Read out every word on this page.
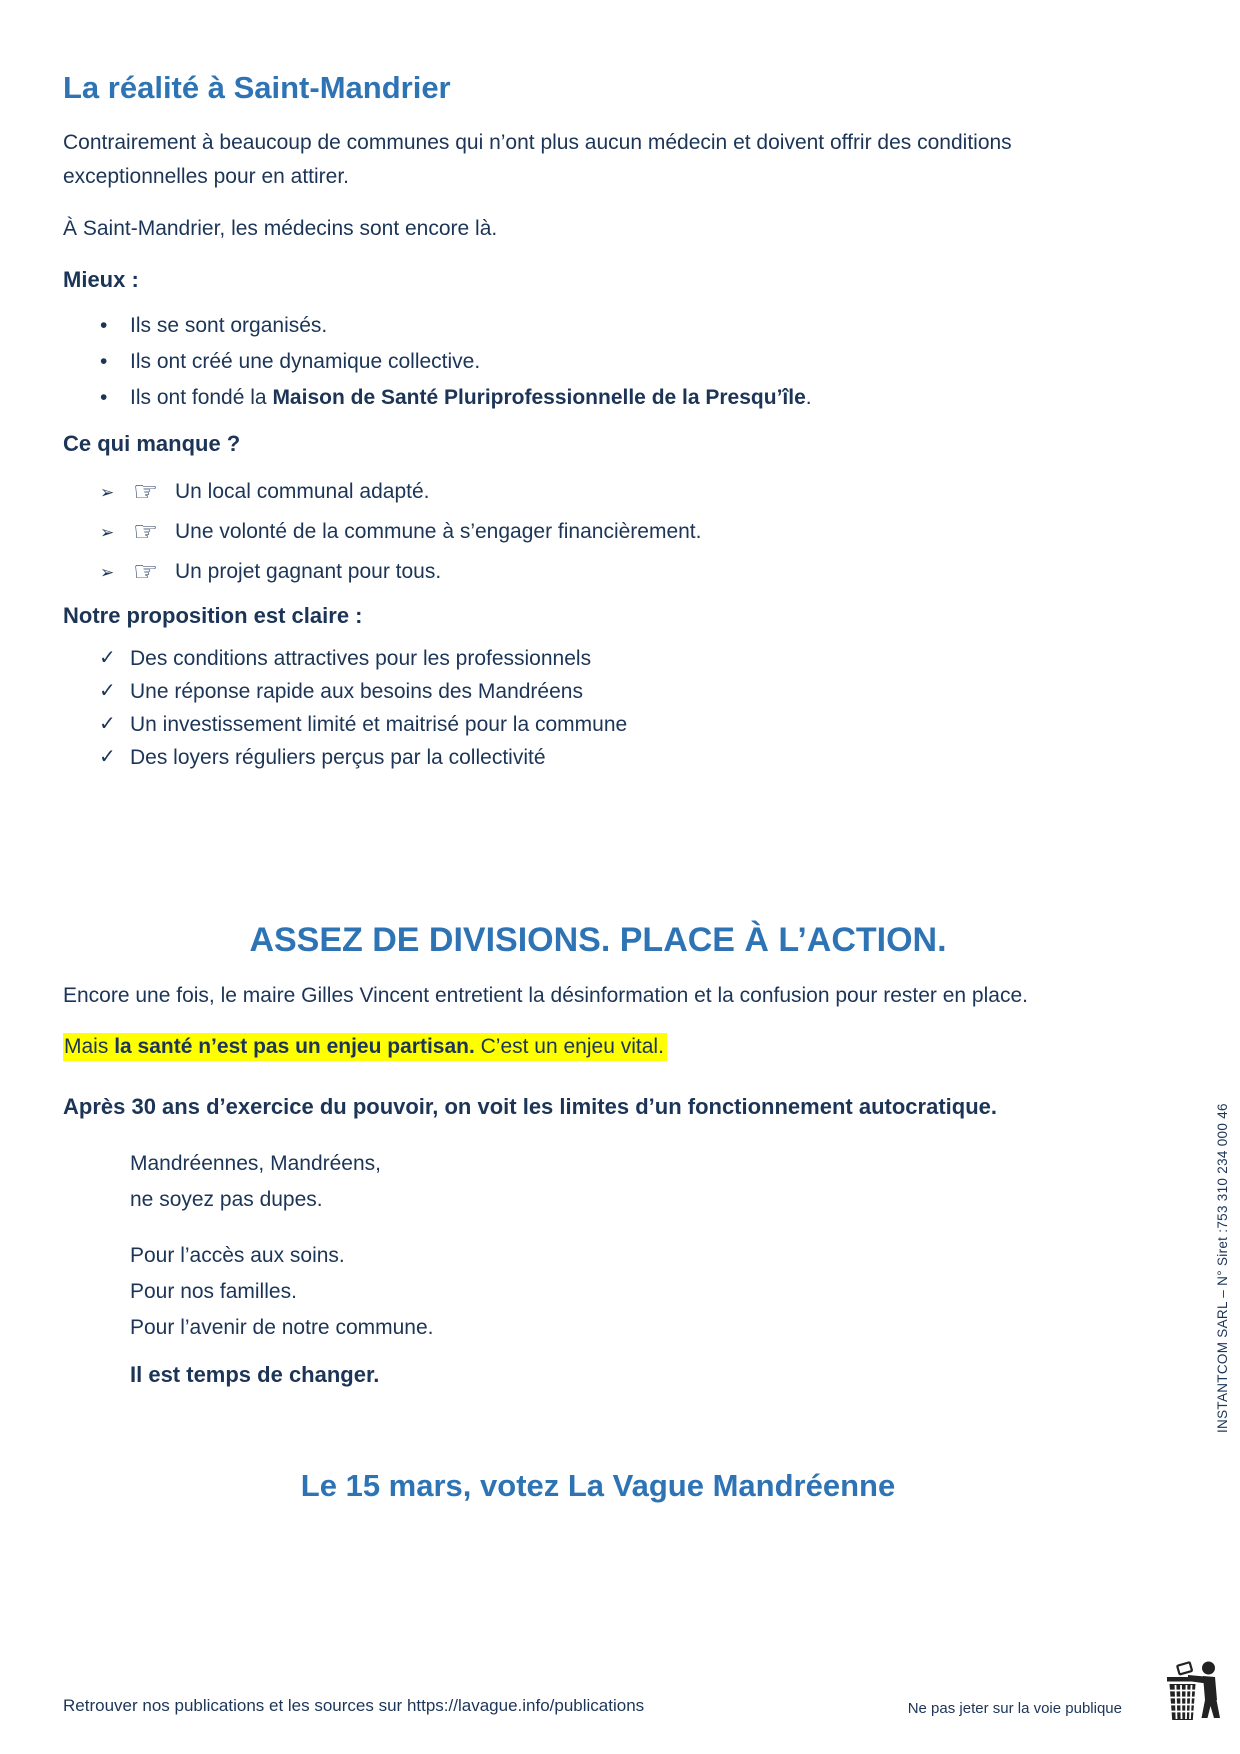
La réalité à Saint-Mandrier

Contrairement à beaucoup de communes qui n’ont plus aucun médecin et doivent offrir des conditions exceptionnelles pour en attirer.

À Saint-Mandrier, les médecins sont encore là.

Mieux :
• Ils se sont organisés.
• Ils ont créé une dynamique collective.
• Ils ont fondé la Maison de Santé Pluriprofessionnelle de la Presqu’île.
Ce qui manque ?
➢ ☞ Un local communal adapté.
➢ ☞ Une volonté de la commune à s’engager financièrement.
➢ ☞ Un projet gagnant pour tous.
Notre proposition est claire :
✓ Des conditions attractives pour les professionnels
✓ Une réponse rapide aux besoins des Mandréens
✓ Un investissement limité et maitrisé pour la commune
✓ Des loyers réguliers perçus par la collectivité
ASSEZ DE DIVISIONS. PLACE À L’ACTION.

Encore une fois, le maire Gilles Vincent entretient la désinformation et la confusion pour rester en place.

Mais la santé n’est pas un enjeu partisan. C’est un enjeu vital.

Après 30 ans d’exercice du pouvoir, on voit les limites d’un fonctionnement autocratique.

Mandréennes, Mandréens,
ne soyez pas dupes.
Pour l’accès aux soins.
Pour nos familles.
Pour l’avenir de notre commune.
Il est temps de changer.
Le 15 mars, votez La Vague Mandréenne
Retrouver nos publications et les sources sur https://lavague.info/publications	Ne pas jeter sur la voie publique
INSTANTCOM SARL – N° Siret :753 310 234 000 46
